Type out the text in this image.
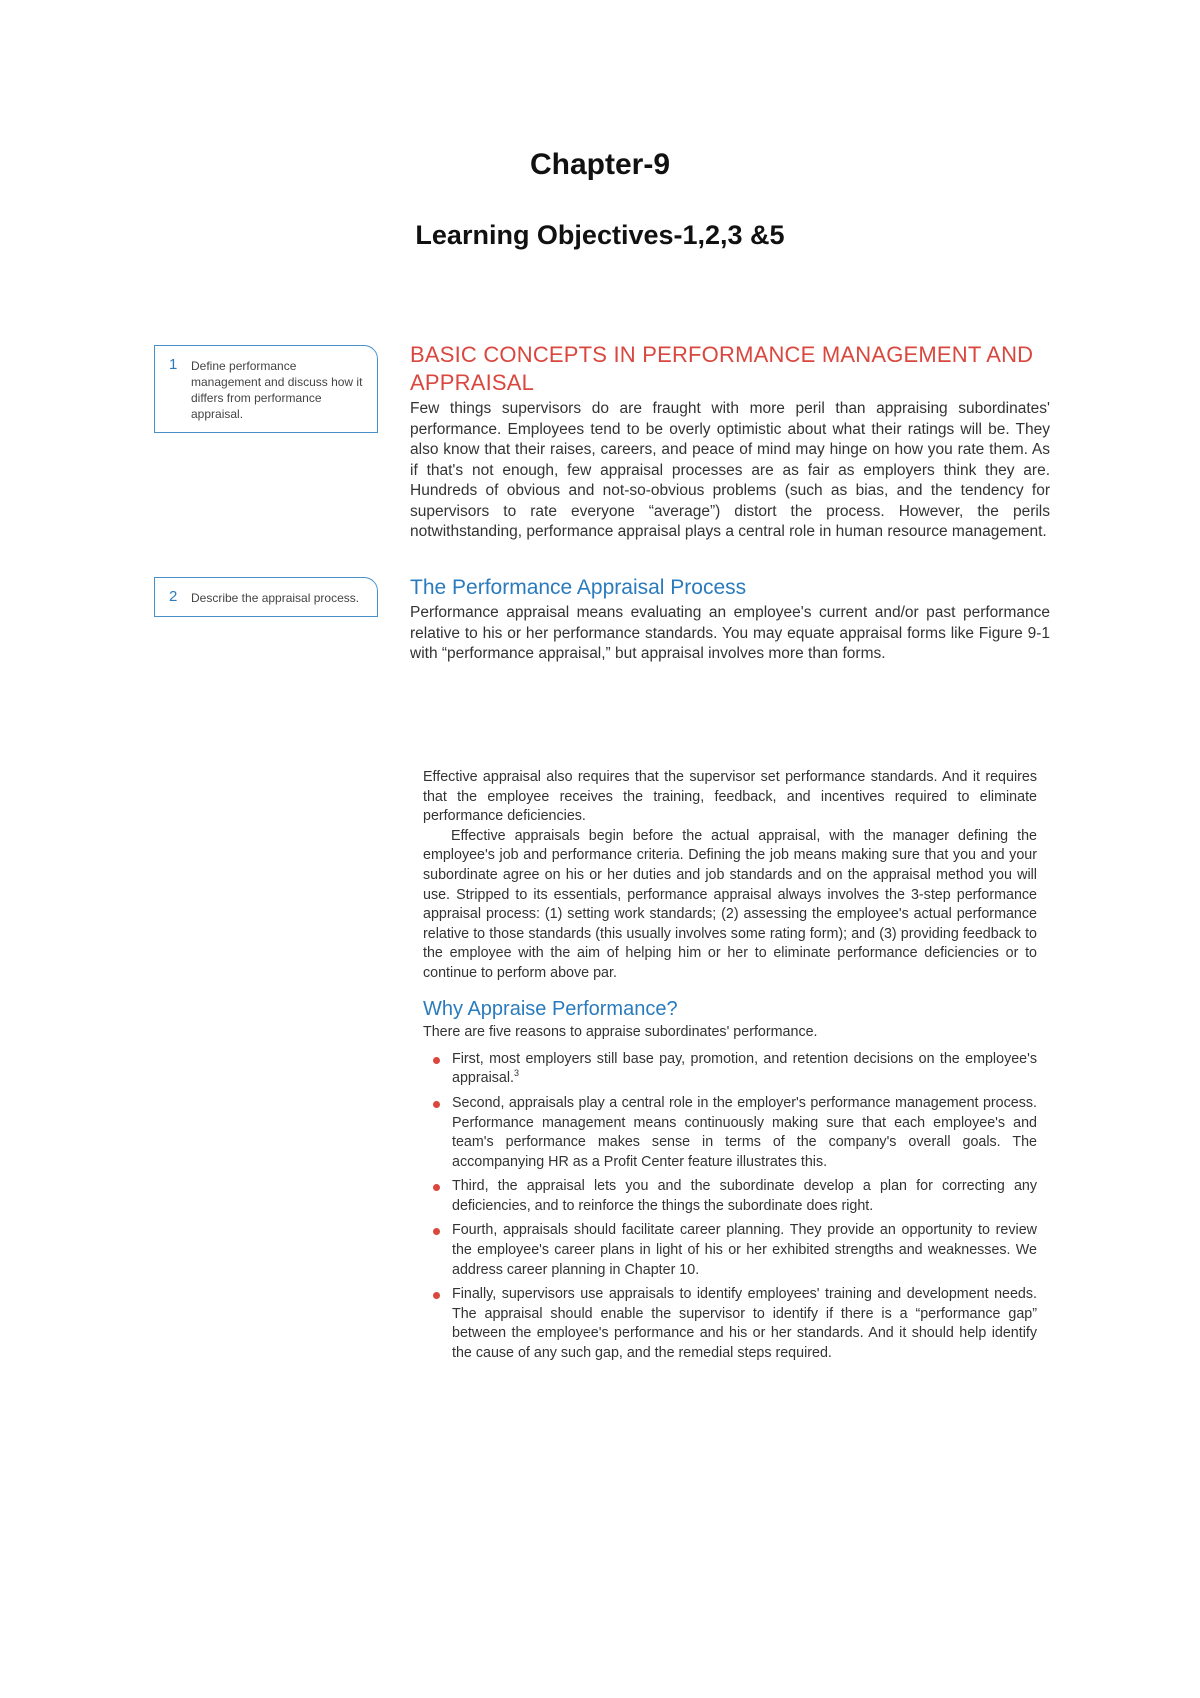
Chapter-9
Learning Objectives-1,2,3 &5
1 Define performance management and discuss how it differs from performance appraisal.
2 Describe the appraisal process.
BASIC CONCEPTS IN PERFORMANCE MANAGEMENT AND APPRAISAL

Few things supervisors do are fraught with more peril than appraising subordinates' performance. Employees tend to be overly optimistic about what their ratings will be. They also know that their raises, careers, and peace of mind may hinge on how you rate them. As if that's not enough, few appraisal processes are as fair as employers think they are. Hundreds of obvious and not-so-obvious problems (such as bias, and the tendency for supervisors to rate everyone “average”) distort the process. However, the perils notwithstanding, performance appraisal plays a central role in human resource management.

The Performance Appraisal Process

Performance appraisal means evaluating an employee's current and/or past performance relative to his or her performance standards. You may equate appraisal forms like Figure 9-1 with “performance appraisal,” but appraisal involves more than forms.

Effective appraisal also requires that the supervisor set performance standards. And it requires that the employee receives the training, feedback, and incentives required to eliminate performance deficiencies.

Effective appraisals begin before the actual appraisal, with the manager defining the employee's job and performance criteria. Defining the job means making sure that you and your subordinate agree on his or her duties and job standards and on the appraisal method you will use. Stripped to its essentials, performance appraisal always involves the 3-step performance appraisal process: (1) setting work standards; (2) assessing the employee's actual performance relative to those standards (this usually involves some rating form); and (3) providing feedback to the employee with the aim of helping him or her to eliminate performance deficiencies or to continue to perform above par.

Why Appraise Performance?

There are five reasons to appraise subordinates' performance.

First, most employers still base pay, promotion, and retention decisions on the employee's appraisal.$^3$
Second, appraisals play a central role in the employer's performance management process. Performance management means continuously making sure that each employee's and team's performance makes sense in terms of the company's overall goals. The accompanying HR as a Profit Center feature illustrates this.
Third, the appraisal lets you and the subordinate develop a plan for correcting any deficiencies, and to reinforce the things the subordinate does right.
Fourth, appraisals should facilitate career planning. They provide an opportunity to review the employee's career plans in light of his or her exhibited strengths and weaknesses. We address career planning in Chapter 10.
Finally, supervisors use appraisals to identify employees' training and development needs. The appraisal should enable the supervisor to identify if there is a “performance gap” between the employee's performance and his or her standards. And it should help identify the cause of any such gap, and the remedial steps required.
